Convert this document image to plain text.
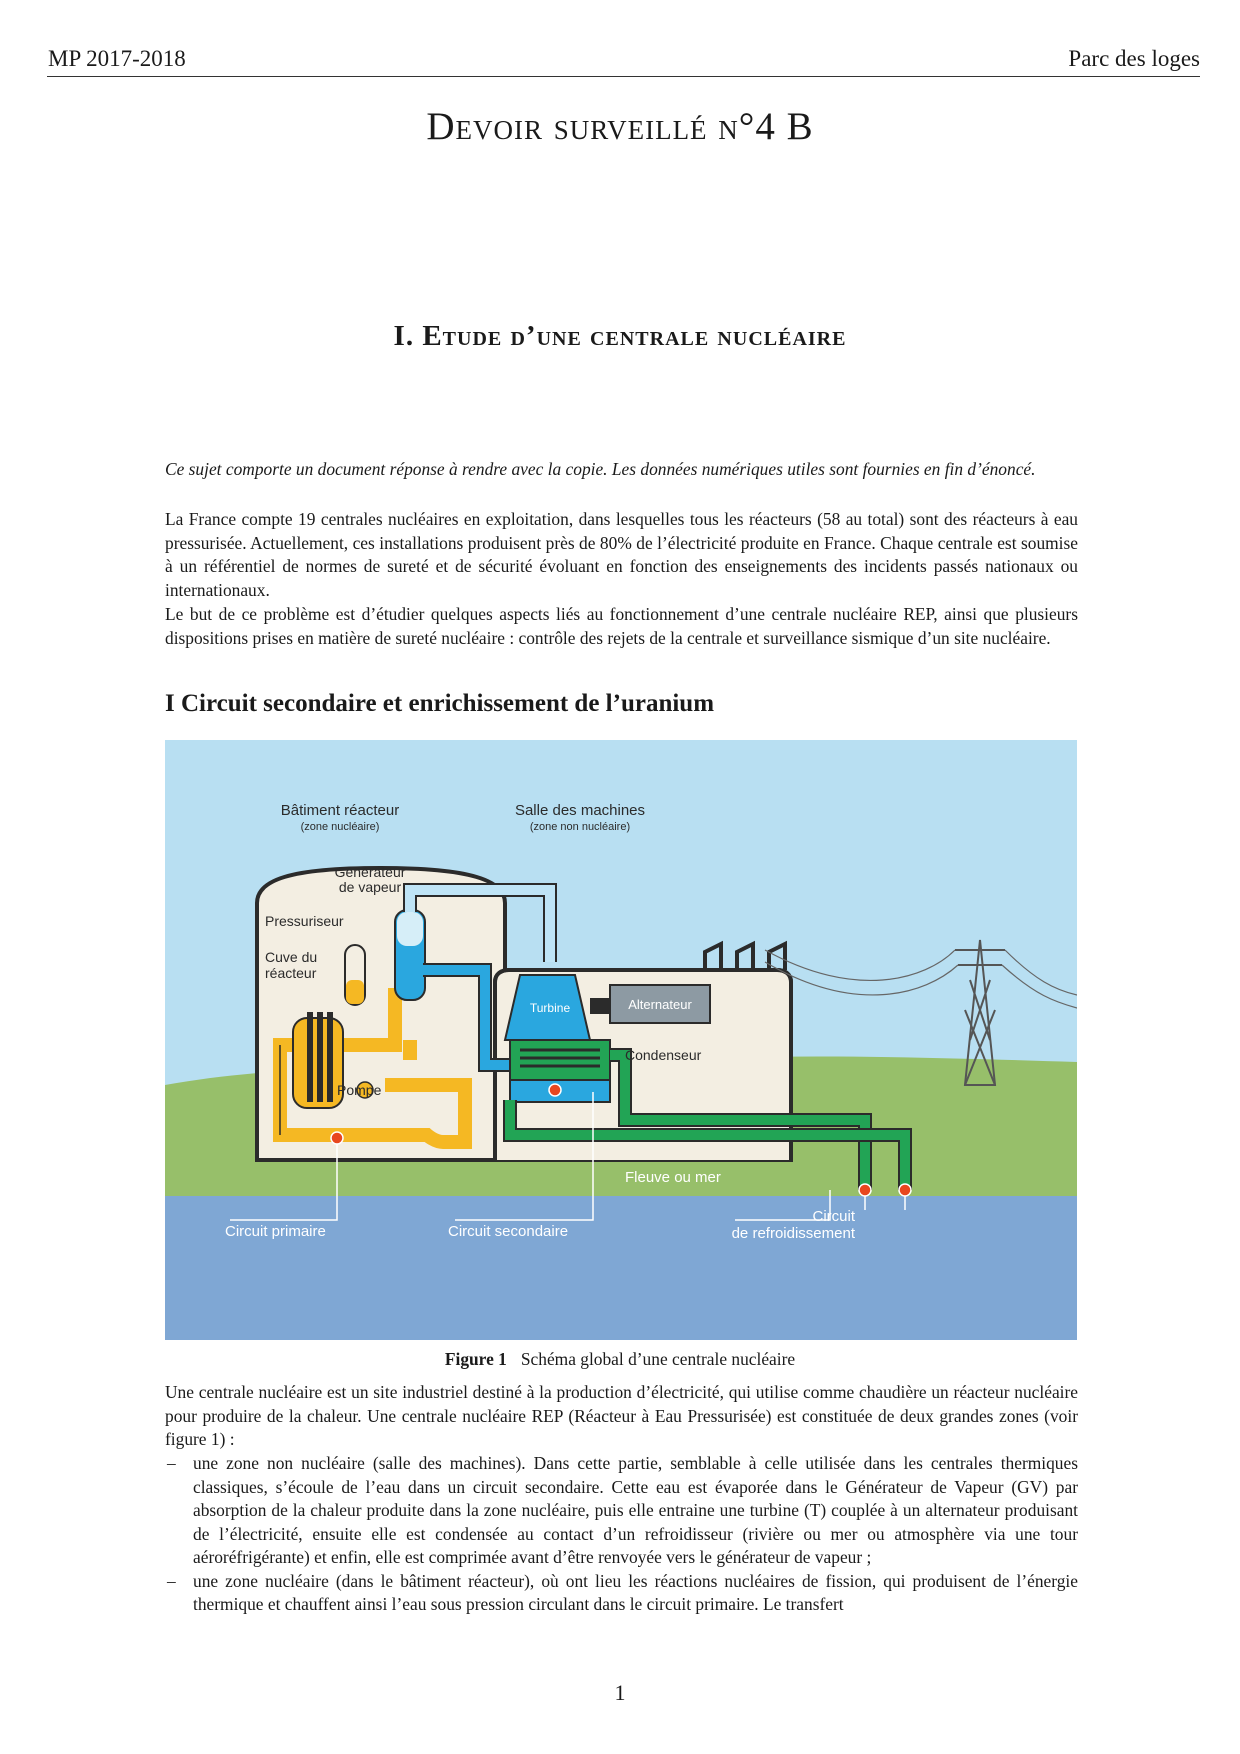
MP 2017-2018	Parc des loges
Devoir surveillé n°4 B
I. Etude d’une centrale nucléaire
Ce sujet comporte un document réponse à rendre avec la copie. Les données numériques utiles sont fournies en fin d’énoncé.
La France compte 19 centrales nucléaires en exploitation, dans lesquelles tous les réacteurs (58 au total) sont des réacteurs à eau pressurisée. Actuellement, ces installations produisent près de 80% de l’électricité produite en France. Chaque centrale est soumise à un référentiel de normes de sureté et de sécurité évoluant en fonction des enseignements des incidents passés nationaux ou internationaux.
Le but de ce problème est d’étudier quelques aspects liés au fonctionnement d’une centrale nucléaire REP, ainsi que plusieurs dispositions prises en matière de sureté nucléaire : contrôle des rejets de la centrale et surveillance sismique d’un site nucléaire.
I Circuit secondaire et enrichissement de l’uranium
Bâtiment réacteur
(zone nucléaire)
Salle des machines
(zone non nucléaire)
Générateur
de vapeur
Pressuriseur
Cuve du
réacteur
Pompe
Turbine	Alternateur
Condenseur
Fleuve ou mer
Circuit primaire	Circuit secondaire
Circuit
de refroidissement
Figure 1 Schéma global d’une centrale nucléaire
Une centrale nucléaire est un site industriel destiné à la production d’électricité, qui utilise comme chaudière un réacteur nucléaire pour produire de la chaleur. Une centrale nucléaire REP (Réacteur à Eau Pressurisée) est constituée de deux grandes zones (voir figure 1) :
– une zone non nucléaire (salle des machines). Dans cette partie, semblable à celle utilisée dans les centrales thermiques classiques, s’écoule de l’eau dans un circuit secondaire. Cette eau est évaporée dans le Générateur de Vapeur (GV) par absorption de la chaleur produite dans la zone nucléaire, puis elle entraine une turbine (T) couplée à un alternateur produisant de l’électricité, ensuite elle est condensée au contact d’un refroidisseur (rivière ou mer ou atmosphère via une tour aéroréfrigérante) et enfin, elle est comprimée avant d’être renvoyée vers le générateur de vapeur ;
– une zone nucléaire (dans le bâtiment réacteur), où ont lieu les réactions nucléaires de fission, qui produisent de l’énergie thermique et chauffent ainsi l’eau sous pression circulant dans le circuit primaire. Le transfert
1
